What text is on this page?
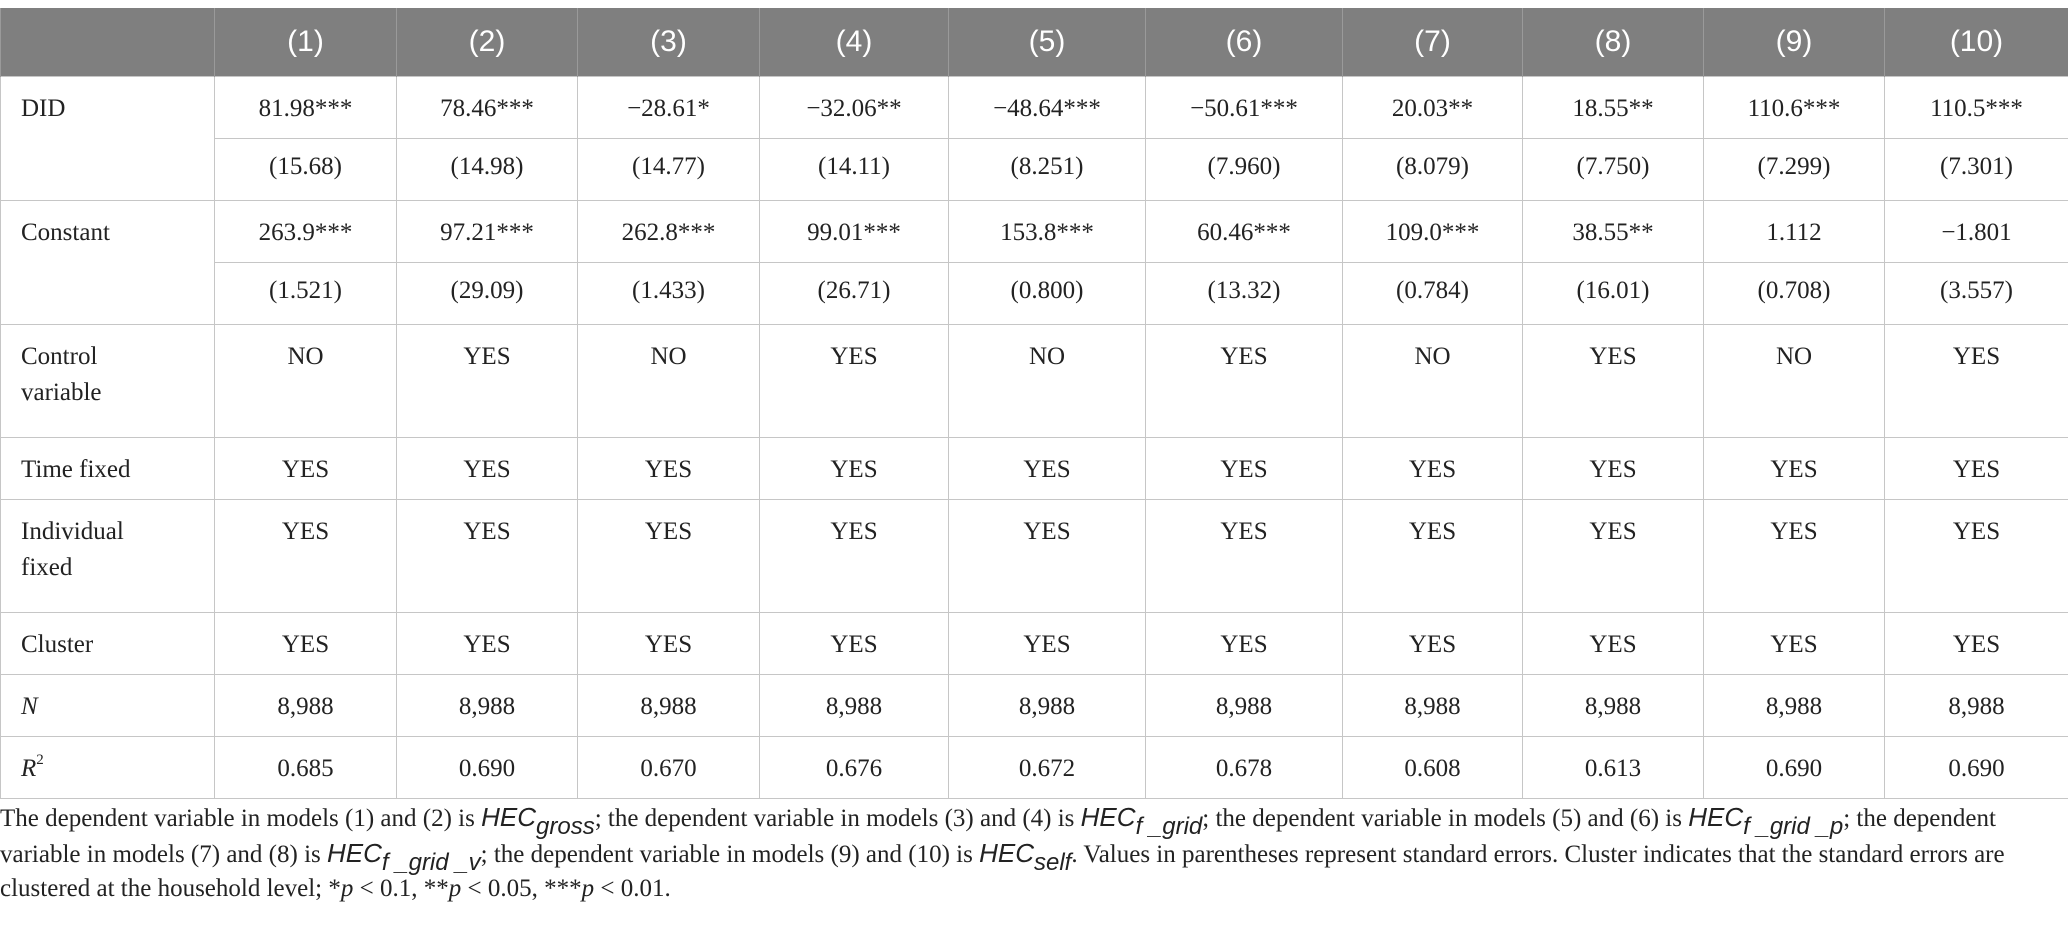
	(1)	(2)	(3)	(4)	(5)	(6)	(7)	(8)	(9)	(10)
DID	81.98***	78.46***	−28.61*	−32.06**	−48.64***	−50.61***	20.03**	18.55**	110.6***	110.5***
	(15.68)	(14.98)	(14.77)	(14.11)	(8.251)	(7.960)	(8.079)	(7.750)	(7.299)	(7.301)
Constant	263.9***	97.21***	262.8***	99.01***	153.8***	60.46***	109.0***	38.55**	1.112	−1.801
	(1.521)	(29.09)	(1.433)	(26.71)	(0.800)	(13.32)	(0.784)	(16.01)	(0.708)	(3.557)
Control
variable	NO	YES	NO	YES	NO	YES	NO	YES	NO	YES
Time fixed	YES	YES	YES	YES	YES	YES	YES	YES	YES	YES
Individual
fixed	YES	YES	YES	YES	YES	YES	YES	YES	YES	YES
Cluster	YES	YES	YES	YES	YES	YES	YES	YES	YES	YES
N	8,988	8,988	8,988	8,988	8,988	8,988	8,988	8,988	8,988	8,988
$R^2$	0.685	0.690	0.670	0.676	0.672	0.678	0.608	0.613	0.690	0.690
The dependent variable in models (1) and (2) is $HEC_{gross}$; the dependent variable in models (3) and (4) is $HEC_{f \_grid}$; the dependent variable in models (5) and (6) is $HEC_{f \_grid \_p}$; the dependent variable in models (7) and (8) is $HEC_{f \_grid \_v}$; the dependent variable in models (9) and (10) is $HEC_{self}$. Values in parentheses represent standard errors. Cluster indicates that the standard errors are clustered at the household level; *p < 0.1, **p < 0.05, ***p < 0.01.
